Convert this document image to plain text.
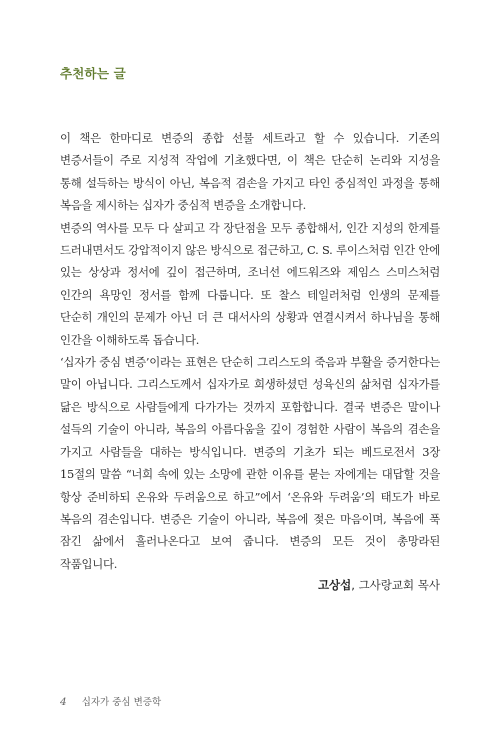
추천하는 글

이 책은 한마디로 변증의 종합 선물 세트라고 할 수 있습니다. 기존의 변증서들이 주로 지성적 작업에 기초했다면, 이 책은 단순히 논리와 지성을 통해 설득하는 방식이 아닌, 복음적 겸손을 가지고 타인 중심적인 과정을 통해 복음을 제시하는 십자가 중심적 변증을 소개합니다.

변증의 역사를 모두 다 살피고 각 장단점을 모두 종합해서, 인간 지성의 한계를 드러내면서도 강압적이지 않은 방식으로 접근하고, C. S. 루이스처럼 인간 안에 있는 상상과 정서에 깊이 접근하며, 조너선 에드워즈와 제임스 스미스처럼 인간의 욕망인 정서를 함께 다룹니다. 또 찰스 테일러처럼 인생의 문제를 단순히 개인의 문제가 아닌 더 큰 대서사의 상황과 연결시켜서 하나님을 통해 인간을 이해하도록 돕습니다.

‘십자가 중심 변증’이라는 표현은 단순히 그리스도의 죽음과 부활을 증거한다는 말이 아닙니다. 그리스도께서 십자가로 희생하셨던 성육신의 삶처럼 십자가를 닮은 방식으로 사람들에게 다가가는 것까지 포함합니다. 결국 변증은 말이나 설득의 기술이 아니라, 복음의 아름다움을 깊이 경험한 사람이 복음의 겸손을 가지고 사람들을 대하는 방식입니다. 변증의 기초가 되는 베드로전서 3장 15절의 말씀 “너희 속에 있는 소망에 관한 이유를 묻는 자에게는 대답할 것을 항상 준비하되 온유와 두려움으로 하고”에서 ‘온유와 두려움’의 태도가 바로 복음의 겸손입니다. 변증은 기술이 아니라, 복음에 젖은 마음이며, 복음에 푹 잠긴 삶에서 흘러나온다고 보여 줍니다. 변증의 모든 것이 총망라된 작품입니다.

고상섭, 그사랑교회 목사
4 십자가 중심 변증학
